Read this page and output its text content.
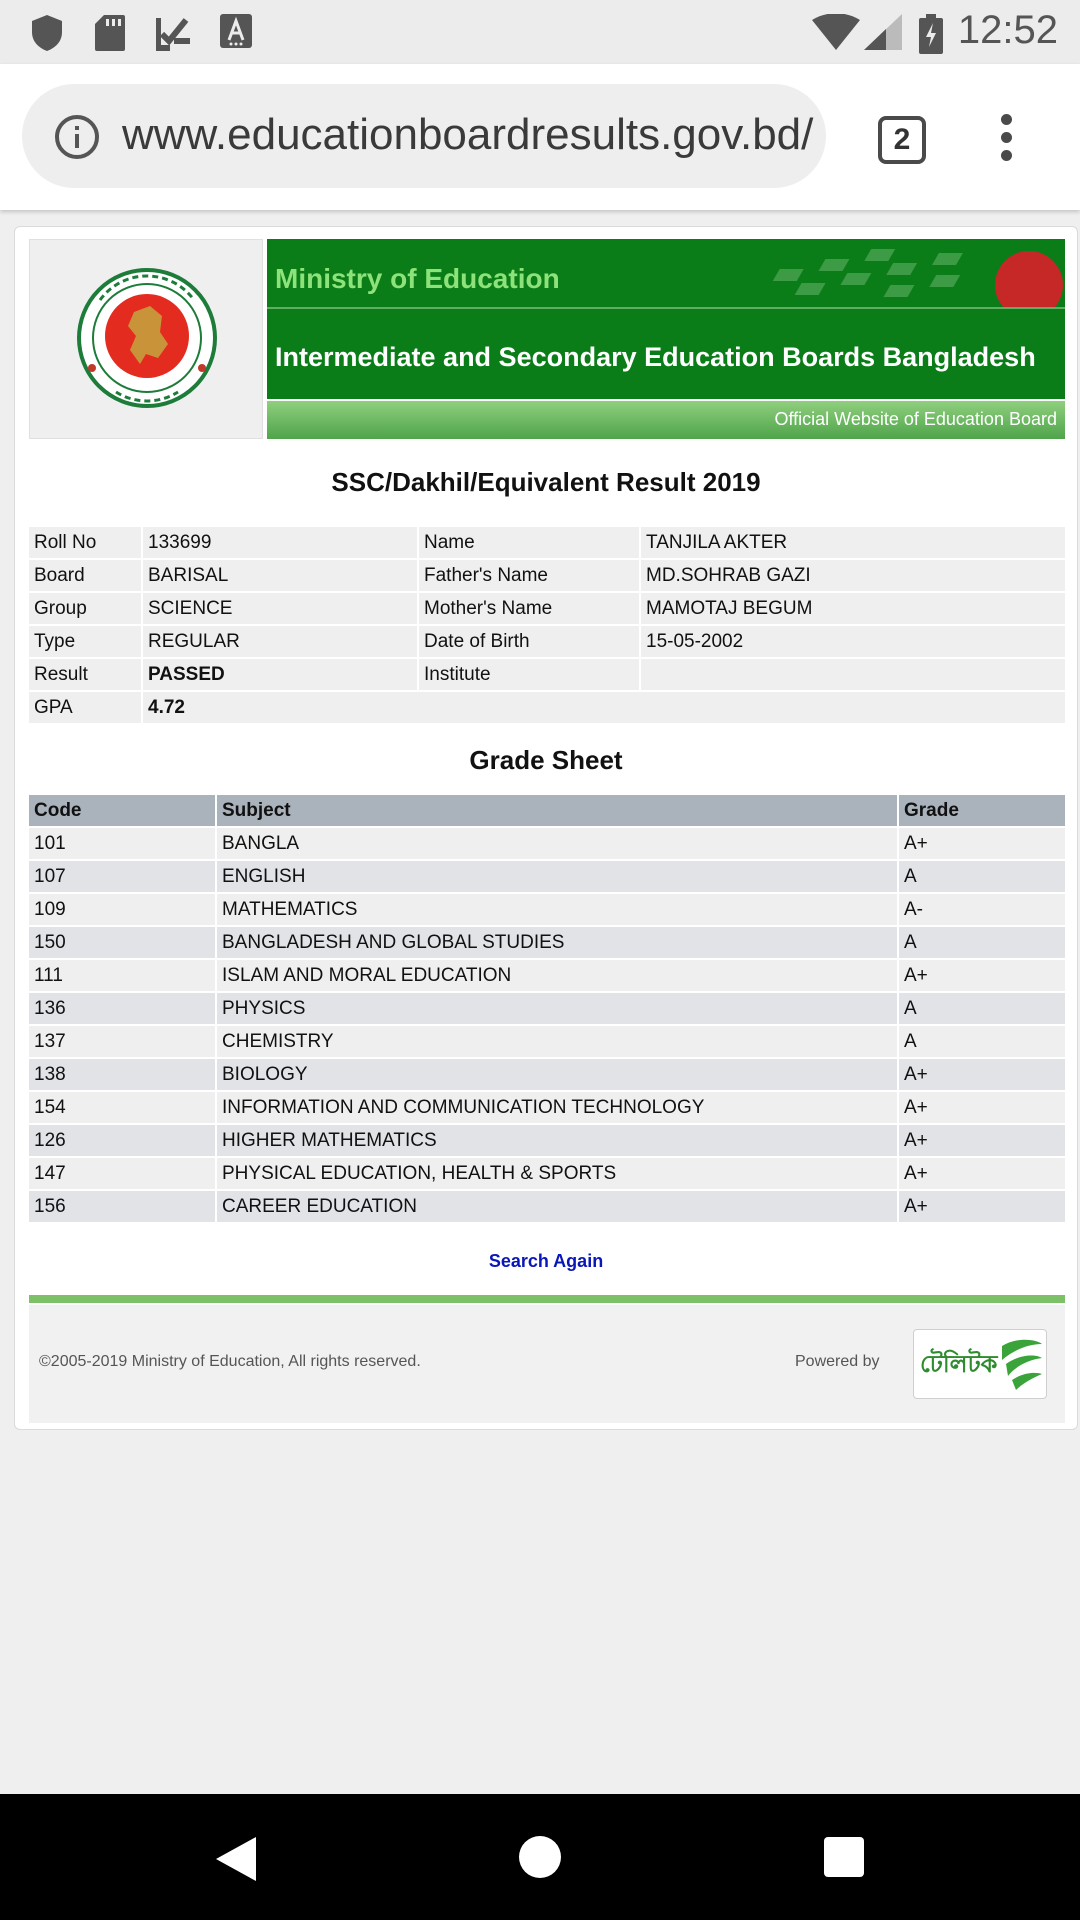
12:52
www.educationboardresults.gov.bd/	2
Ministry of Education
Intermediate and Secondary Education Boards Bangladesh
Official Website of Education Board
SSC/Dakhil/Equivalent Result 2019
Roll No	133699	Name	TANJILA AKTER
Board	BARISAL	Father's Name	MD.SOHRAB GAZI
Group	SCIENCE	Mother's Name	MAMOTAJ BEGUM
Type	REGULAR	Date of Birth	15-05-2002
Result	PASSED	Institute	
GPA	4.72		
Grade Sheet
Code	Subject	Grade
101	BANGLA	A+
107	ENGLISH	A
109	MATHEMATICS	A-
150	BANGLADESH AND GLOBAL STUDIES	A
111	ISLAM AND MORAL EDUCATION	A+
136	PHYSICS	A
137	CHEMISTRY	A
138	BIOLOGY	A+
154	INFORMATION AND COMMUNICATION TECHNOLOGY	A+
126	HIGHER MATHEMATICS	A+
147	PHYSICAL EDUCATION, HEALTH & SPORTS	A+
156	CAREER EDUCATION	A+
Search Again
©2005-2019 Ministry of Education, All rights reserved.	Powered by টেলিটক
